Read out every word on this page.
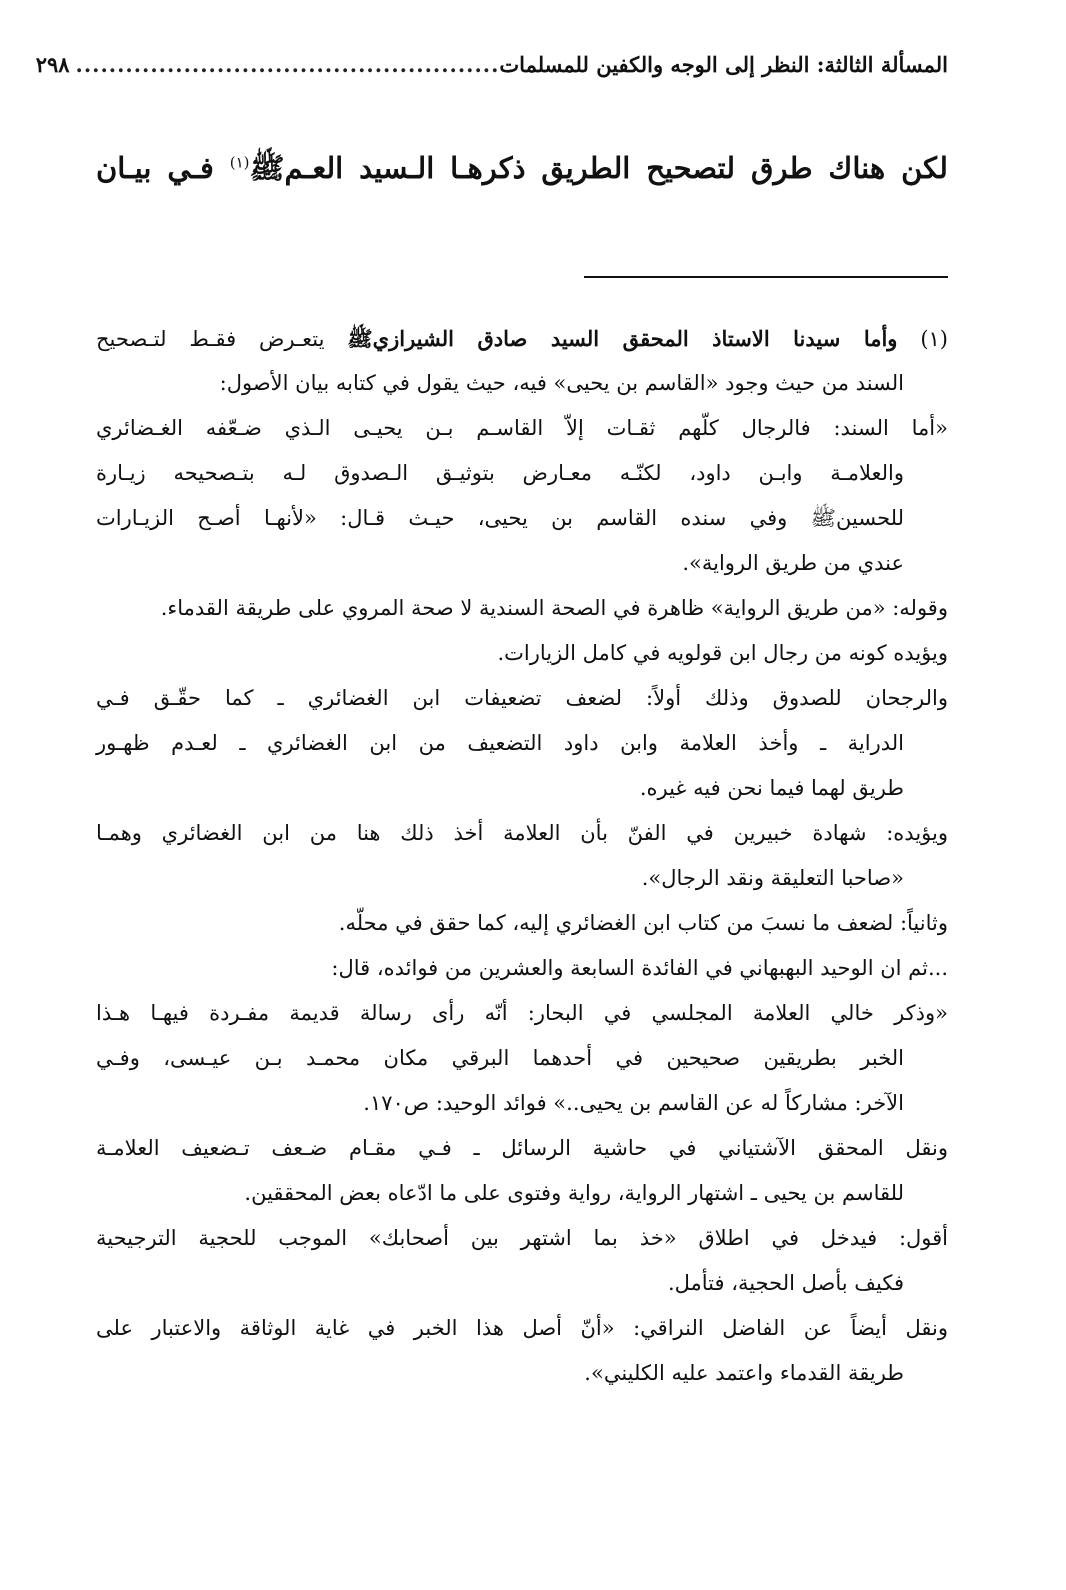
المسألة الثالثة: النظر إلى الوجه والكفين للمسلمات
...................................................
٢٩٨
لكن هناك طرق لتصحيح الطريق ذكرهـا الـسيد العـمﷺ$^{(١)}$ فـي بيـان
(١) وأما سيدنا الاستاذ المحقق السيد صادق الشيرازيﷺ يتعـرض فقـط لتـصحيح
السند من حيث وجود «القاسم بن يحيى» فيه، حيث يقول في كتابه بيان الأصول:
«أما السند: فالرجال كلّهم ثقـات إلاّ القاسـم بـن يحيـى الـذي ضـعّفه الغـضائري
والعلامـة وابـن داود، لكنّـه معـارض بتوثيـق الـصدوق لـه بتـصحيحه زيـارة
للحسينﷺ وفي سنده القاسم بن يحيى، حيـث قـال: «لأنهـا أصـح الزيـارات
عندي من طريق الرواية».
وقوله: «من طريق الرواية» ظاهرة في الصحة السندية لا صحة المروي على طريقة القدماء.
ويؤيده كونه من رجال ابن قولويه في كامل الزيارات.
والرجحان للصدوق وذلك أولاً: لضعف تضعيفات ابن الغضائري ـ كما حقّـق فـي
الدراية ـ وأخذ العلامة وابن داود التضعيف من ابن الغضائري ـ لعـدم ظهـور
طريق لهما فيما نحن فيه غيره.
ويؤيده: شهادة خبيرين في الفنّ بأن العلامة أخذ ذلك هنا من ابن الغضائري وهمـا
«صاحبا التعليقة ونقد الرجال».
وثانياً: لضعف ما نسبَ من كتاب ابن الغضائري إليه، كما حقق في محلّه.
...ثم ان الوحيد البهبهاني في الفائدة السابعة والعشرين من فوائده، قال:
«وذكر خالي العلامة المجلسي في البحار: أنّه رأى رسالة قديمة مفـردة فيهـا هـذا
الخبر بطريقين صحيحين في أحدهما البرقي مكان محمـد بـن عيـسى، وفـي
الآخر: مشاركاً له عن القاسم بن يحيى..» فوائد الوحيد: ص١٧٠.
ونقل المحقق الآشتياني في حاشية الرسائل ـ فـي مقـام ضـعف تـضعيف العلامـة
للقاسم بن يحيى ـ اشتهار الرواية، رواية وفتوى على ما ادّعاه بعض المحققين.
أقول: فيدخل في اطلاق «خذ بما اشتهر بين أصحابك» الموجب للحجية الترجيحية
فكيف بأصل الحجية، فتأمل.
ونقل أيضاً عن الفاضل النراقي: «أنّ أصل هذا الخبر في غاية الوثاقة والاعتبار على
طريقة القدماء واعتمد عليه الكليني».
